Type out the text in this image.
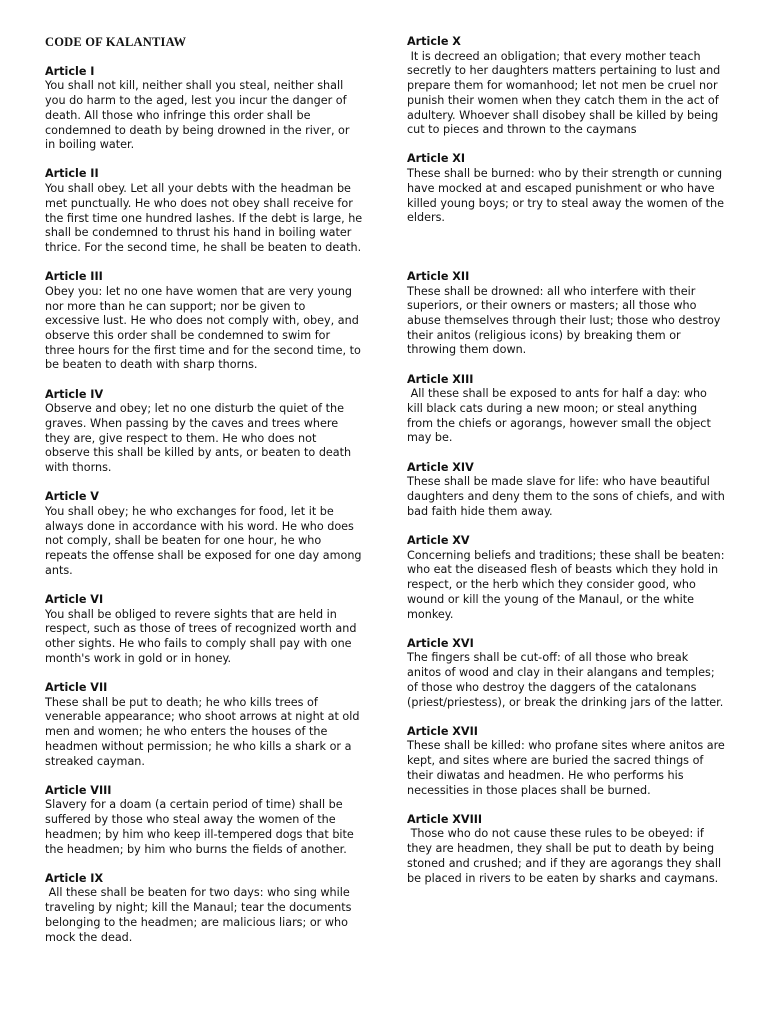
CODE OF KALANTIAW
Article I
You shall not kill, neither shall you steal, neither shall you do harm to the aged, lest you incur the danger of death. All those who infringe this order shall be condemned to death by being drowned in the river, or in boiling water.
Article II
You shall obey. Let all your debts with the headman be met punctually. He who does not obey shall receive for the first time one hundred lashes. If the debt is large, he shall be condemned to thrust his hand in boiling water thrice. For the second time, he shall be beaten to death.
Article III
Obey you: let no one have women that are very young nor more than he can support; nor be given to excessive lust. He who does not comply with, obey, and observe this order shall be condemned to swim for three hours for the first time and for the second time, to be beaten to death with sharp thorns.
Article IV
Observe and obey; let no one disturb the quiet of the graves. When passing by the caves and trees where they are, give respect to them. He who does not observe this shall be killed by ants, or beaten to death with thorns.
Article V
You shall obey; he who exchanges for food, let it be always done in accordance with his word. He who does not comply, shall be beaten for one hour, he who repeats the offense shall be exposed for one day among ants.
Article VI
You shall be obliged to revere sights that are held in respect, such as those of trees of recognized worth and other sights. He who fails to comply shall pay with one month's work in gold or in honey.
Article VII
These shall be put to death; he who kills trees of venerable appearance; who shoot arrows at night at old men and women; he who enters the houses of the headmen without permission; he who kills a shark or a streaked cayman.
Article VIII
Slavery for a doam (a certain period of time) shall be suffered by those who steal away the women of the headmen; by him who keep ill-tempered dogs that bite the headmen; by him who burns the fields of another.
Article IX
All these shall be beaten for two days: who sing while traveling by night; kill the Manaul; tear the documents belonging to the headmen; are malicious liars; or who mock the dead.
Article X
It is decreed an obligation; that every mother teach secretly to her daughters matters pertaining to lust and prepare them for womanhood; let not men be cruel nor punish their women when they catch them in the act of adultery. Whoever shall disobey shall be killed by being cut to pieces and thrown to the caymans
Article XI
These shall be burned: who by their strength or cunning have mocked at and escaped punishment or who have killed young boys; or try to steal away the women of the elders.
Article XII
These shall be drowned: all who interfere with their superiors, or their owners or masters; all those who abuse themselves through their lust; those who destroy their anitos (religious icons) by breaking them or throwing them down.
Article XIII
All these shall be exposed to ants for half a day: who kill black cats during a new moon; or steal anything from the chiefs or agorangs, however small the object may be.
Article XIV
These shall be made slave for life: who have beautiful daughters and deny them to the sons of chiefs, and with bad faith hide them away.
Article XV
Concerning beliefs and traditions; these shall be beaten: who eat the diseased flesh of beasts which they hold in respect, or the herb which they consider good, who wound or kill the young of the Manaul, or the white monkey.
Article XVI
The fingers shall be cut-off: of all those who break anitos of wood and clay in their alangans and temples; of those who destroy the daggers of the catalonans (priest/priestess), or break the drinking jars of the latter.
Article XVII
These shall be killed: who profane sites where anitos are kept, and sites where are buried the sacred things of their diwatas and headmen. He who performs his necessities in those places shall be burned.
Article XVIII
Those who do not cause these rules to be obeyed: if they are headmen, they shall be put to death by being stoned and crushed; and if they are agorangs they shall be placed in rivers to be eaten by sharks and caymans.
